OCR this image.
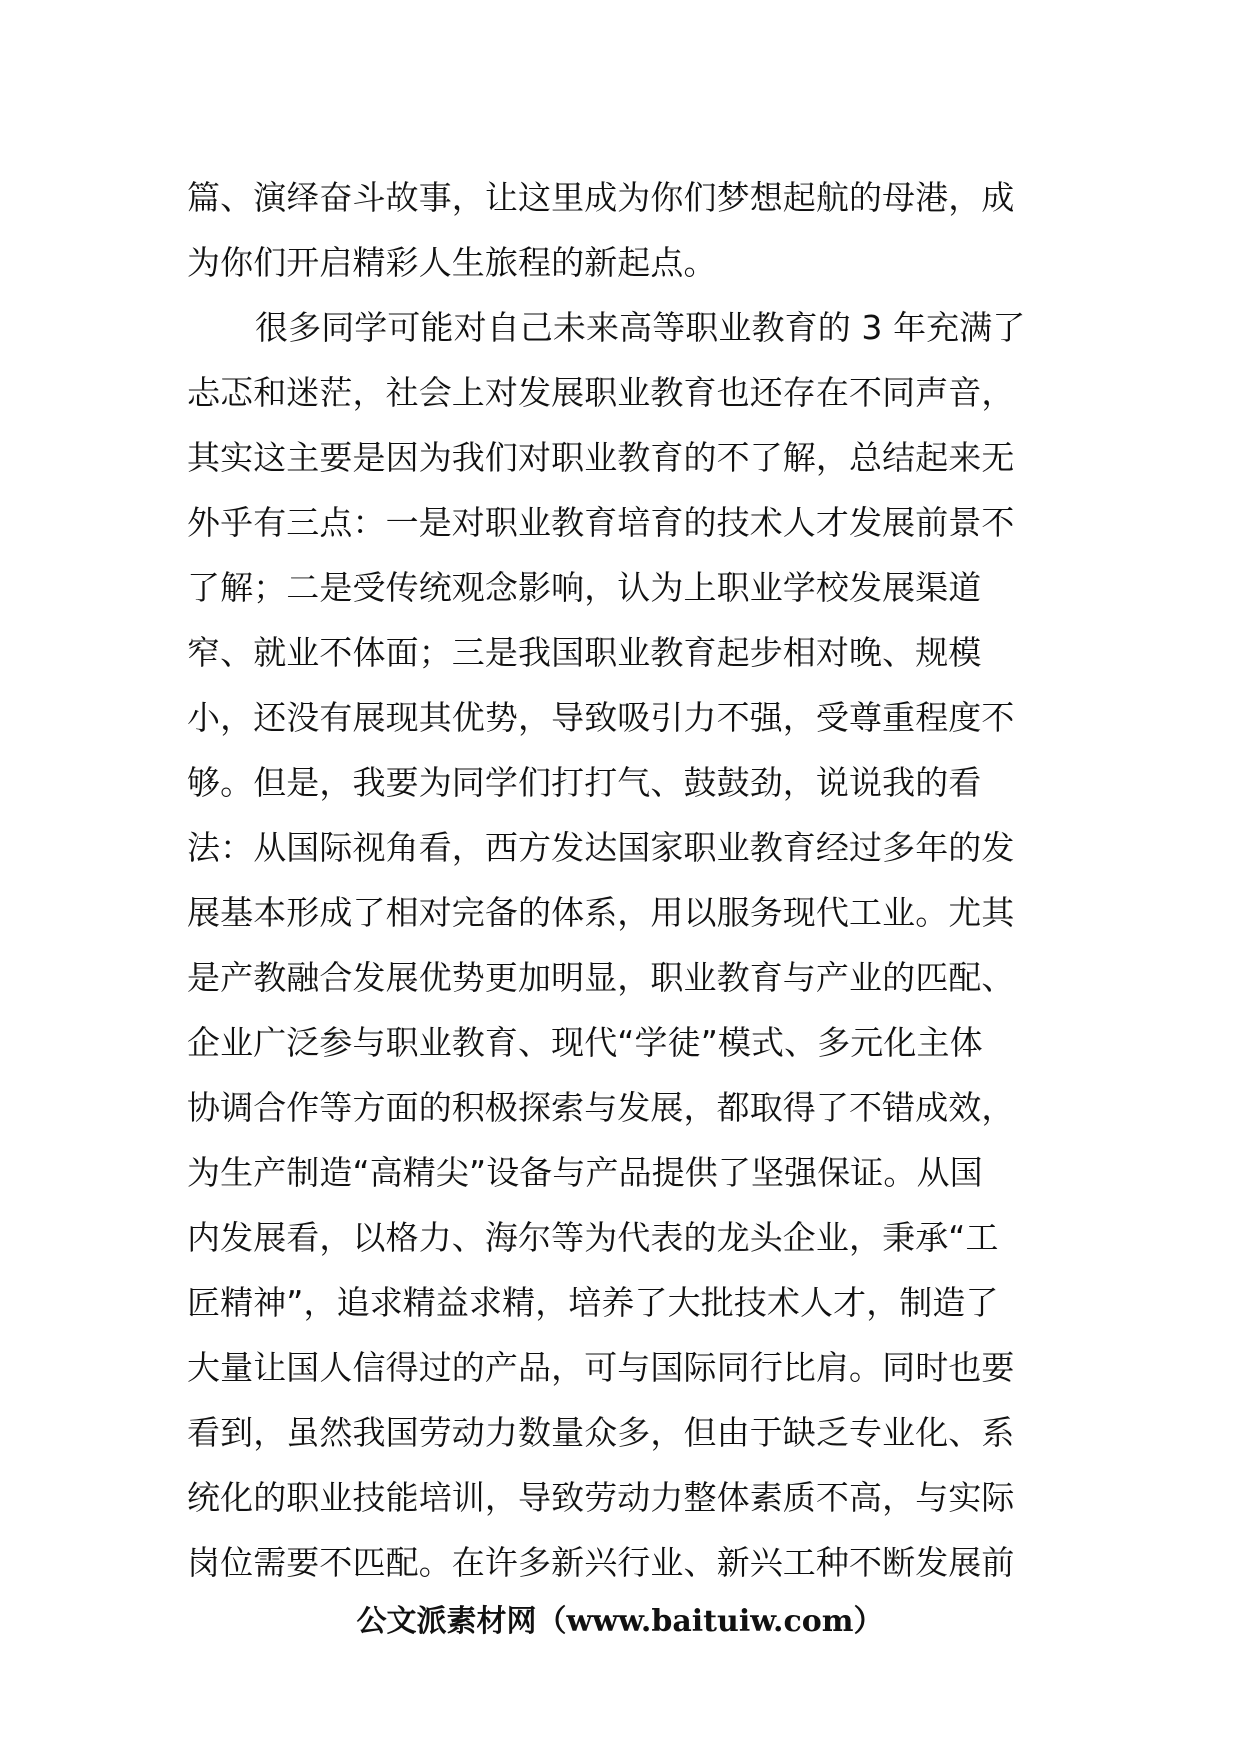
篇、演绎奋斗故事，让这里成为你们梦想起航的母港，成
为你们开启精彩人生旅程的新起点。
很多同学可能对自己未来高等职业教育的 3 年充满了
忐忑和迷茫，社会上对发展职业教育也还存在不同声音，
其实这主要是因为我们对职业教育的不了解，总结起来无
外乎有三点：一是对职业教育培育的技术人才发展前景不
了解；二是受传统观念影响，认为上职业学校发展渠道
窄、就业不体面；三是我国职业教育起步相对晚、规模
小，还没有展现其优势，导致吸引力不强，受尊重程度不
够。但是，我要为同学们打打气、鼓鼓劲，说说我的看
法：从国际视角看，西方发达国家职业教育经过多年的发
展基本形成了相对完备的体系，用以服务现代工业。尤其
是产教融合发展优势更加明显，职业教育与产业的匹配、
企业广泛参与职业教育、现代“学徒”模式、多元化主体
协调合作等方面的积极探索与发展，都取得了不错成效，
为生产制造“高精尖”设备与产品提供了坚强保证。从国
内发展看，以格力、海尔等为代表的龙头企业，秉承“工
匠精神”，追求精益求精，培养了大批技术人才，制造了
大量让国人信得过的产品，可与国际同行比肩。同时也要
看到，虽然我国劳动力数量众多，但由于缺乏专业化、系
统化的职业技能培训，导致劳动力整体素质不高，与实际
岗位需要不匹配。在许多新兴行业、新兴工种不断发展前
公文派素材网（www.baituiw.com）
